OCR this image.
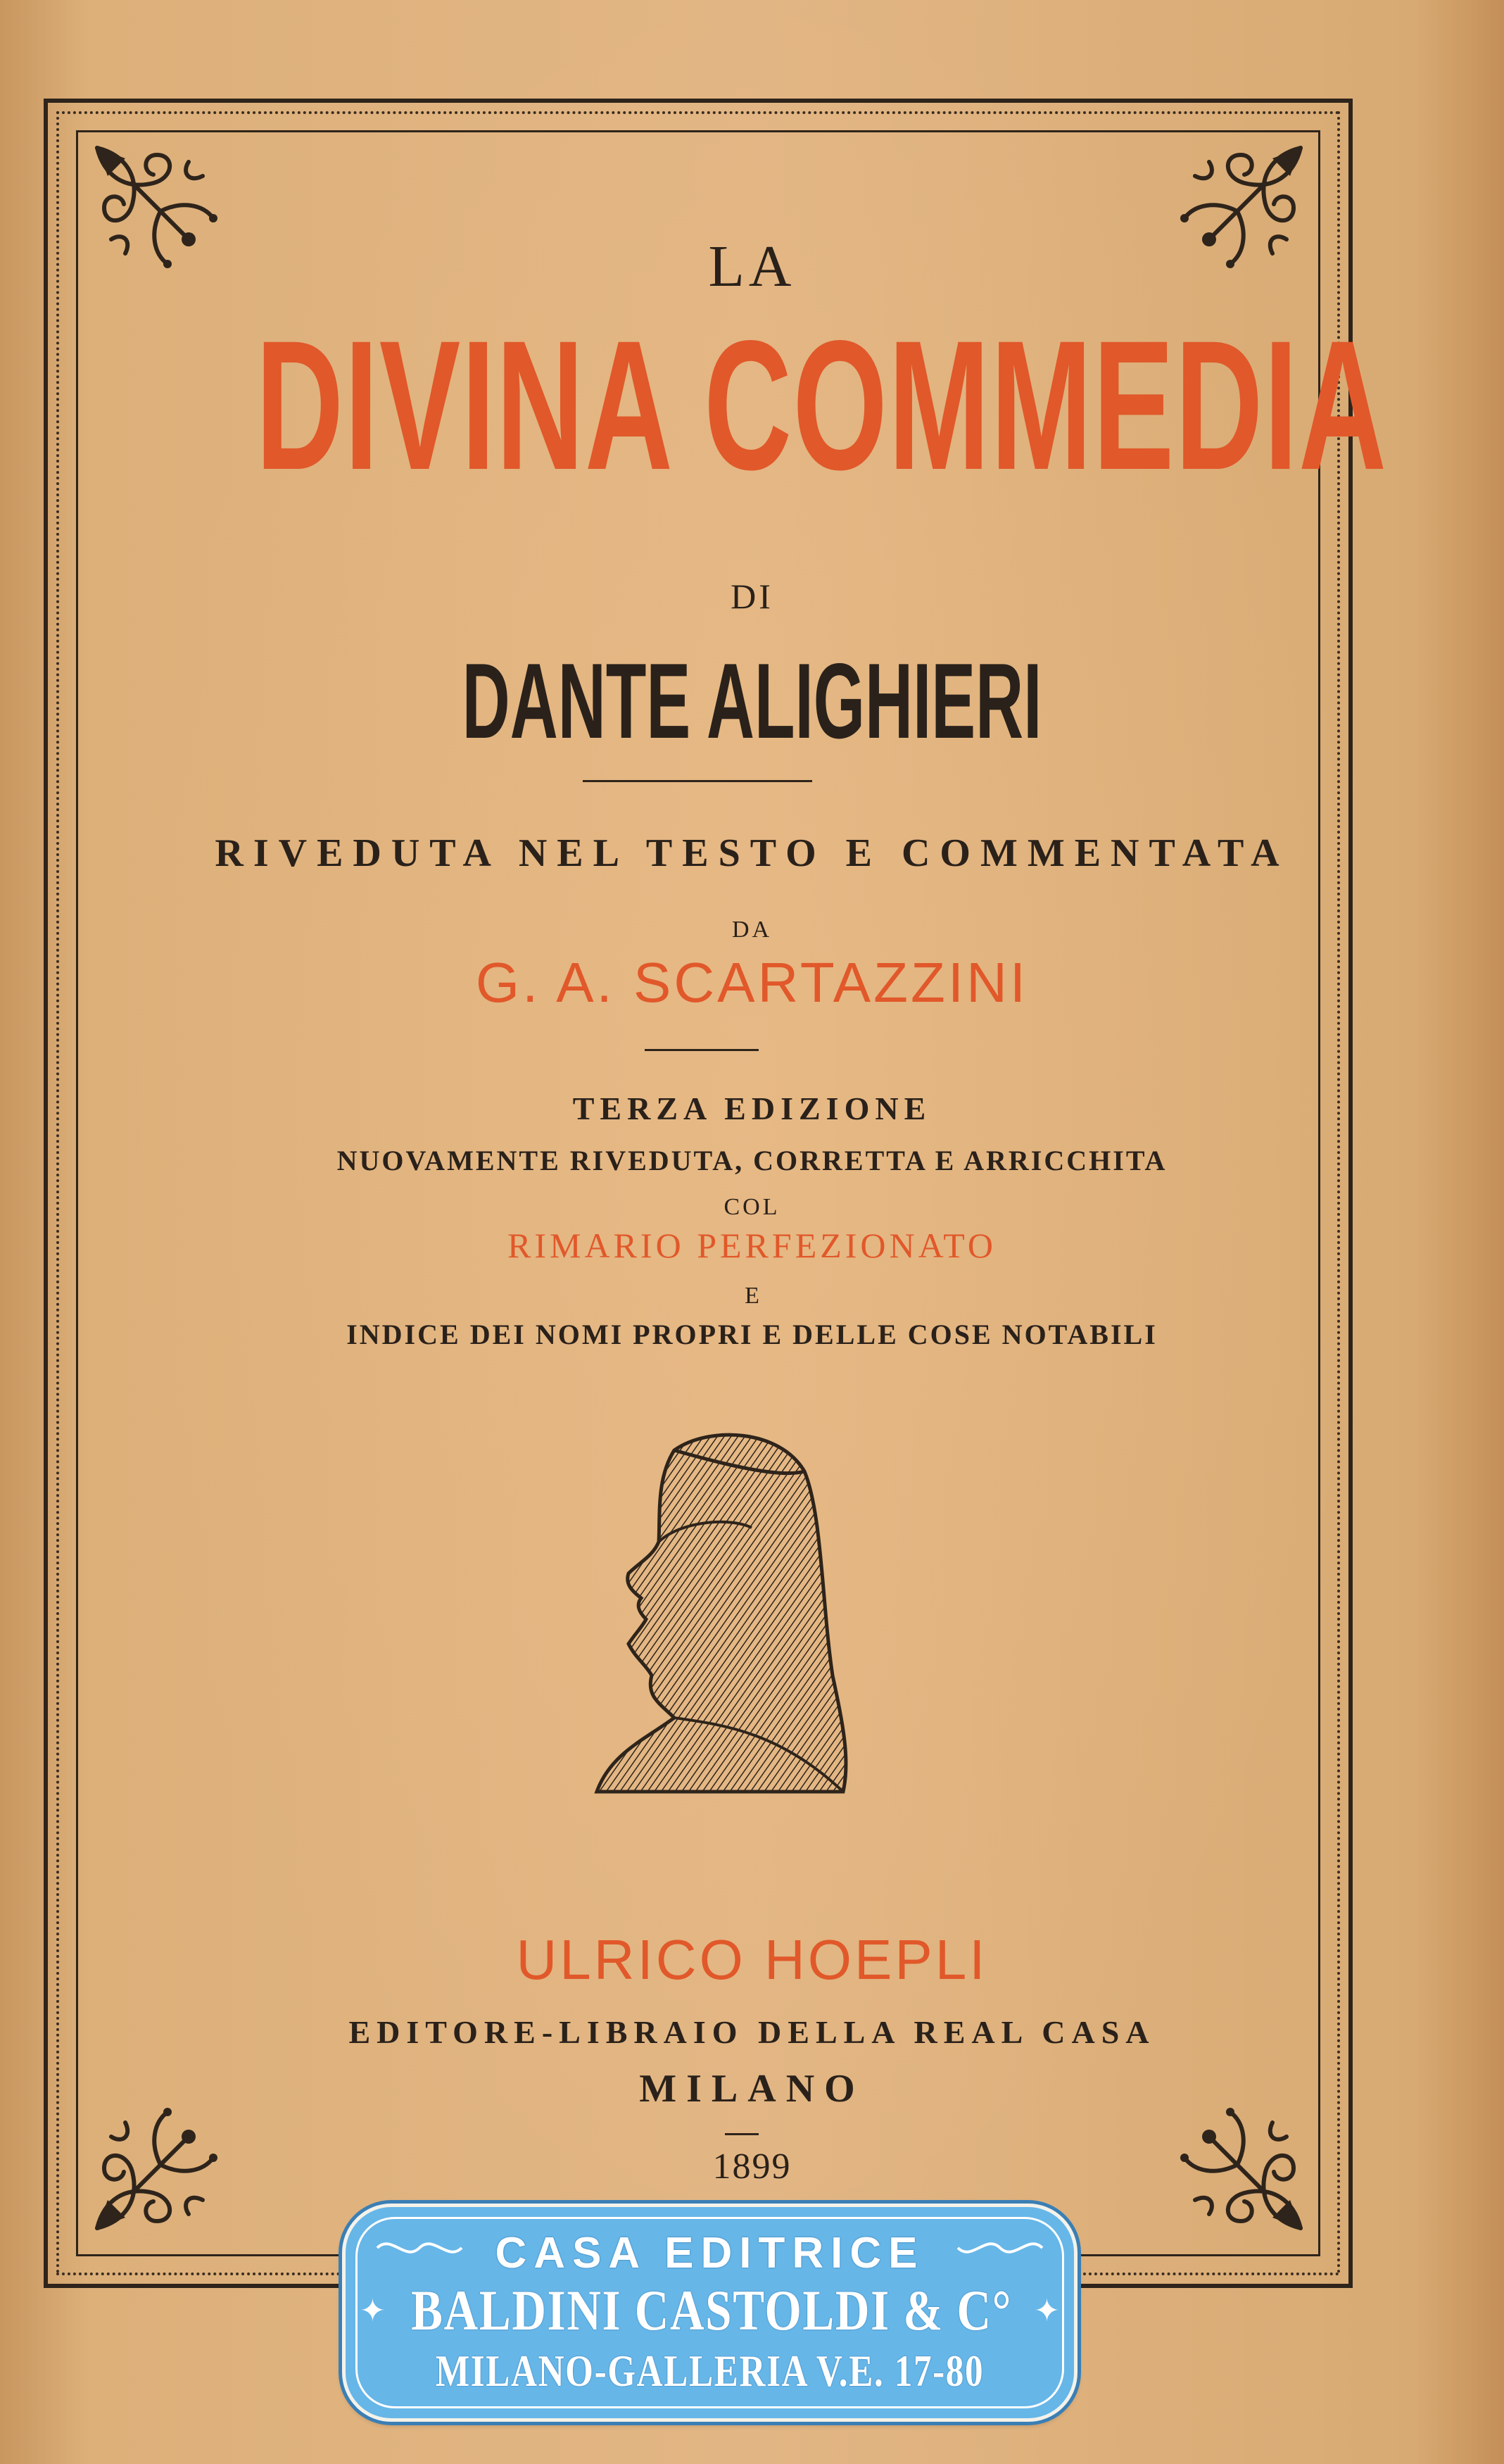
LA

DIVINA COMMEDIA

DI

DANTE ALIGHIERI

RIVEDUTA NEL TESTO E COMMENTATA

DA

G. A. SCARTAZZINI

TERZA EDIZIONE

NUOVAMENTE RIVEDUTA, CORRETTA E ARRICCHITA

COL

RIMARIO PERFEZIONATO

E

INDICE DEI NOMI PROPRI E DELLE COSE NOTABILI

ULRICO HOEPLI

EDITORE-LIBRAIO DELLA REAL CASA

MILANO

1899

✦	✦
CASA EDITRICE
BALDINI CASTOLDI & C°
MILANO-GALLERIA V.E. 17-80
